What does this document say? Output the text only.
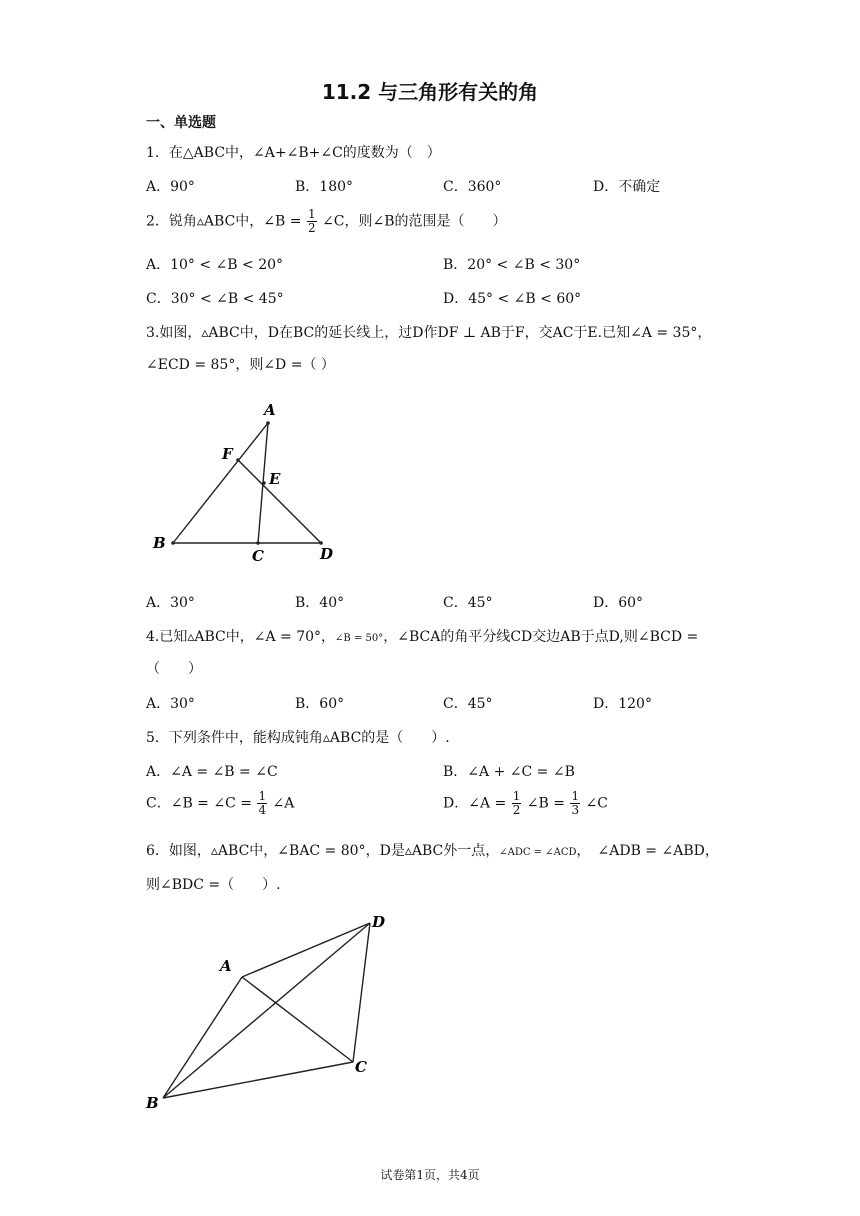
11.2 与三角形有关的角
一、单选题
1．在△ABC中，∠A+∠B+∠C的度数为（　）
A．90°	B．180°	C．360°	D．不确定
2．锐角▵ABC中，∠B = $\frac{1}{2}$ ∠C，则∠B的范围是（　　）
A．10° < ∠B < 20°	B．20° < ∠B < 30°
C．30° < ∠B < 45°	D．45° < ∠B < 60°
3.如图，▵ABC中，D在BC的延长线上，过D作DF ⊥ AB于F，交AC于E.已知∠A = 35°，
∠ECD = 85°，则∠D =（ ）
A
F
E
B
C	D
A．30°	B．40°	C．45°	D．60°
4.已知▵ABC中，∠A = 70°，∠B = 50°，∠BCA的角平分线CD交边AB于点D,则∠BCD =
（　　）
A．30°	B．60°	C．45°	D．120°
5．下列条件中，能构成钝角▵ABC的是（　　）.
A．∠A = ∠B = ∠C	B．∠A + ∠C = ∠B
C．∠B = ∠C = $\frac{1}{4}$ ∠A	D．∠A = $\frac{1}{2}$ ∠B = $\frac{1}{3}$ ∠C
6．如图，▵ABC中，∠BAC = 80°，D是▵ABC外一点，∠ADC = ∠ACD，　∠ADB = ∠ABD，
则∠BDC =（　　）.
D
A
C
B
试卷第1页，共4页
